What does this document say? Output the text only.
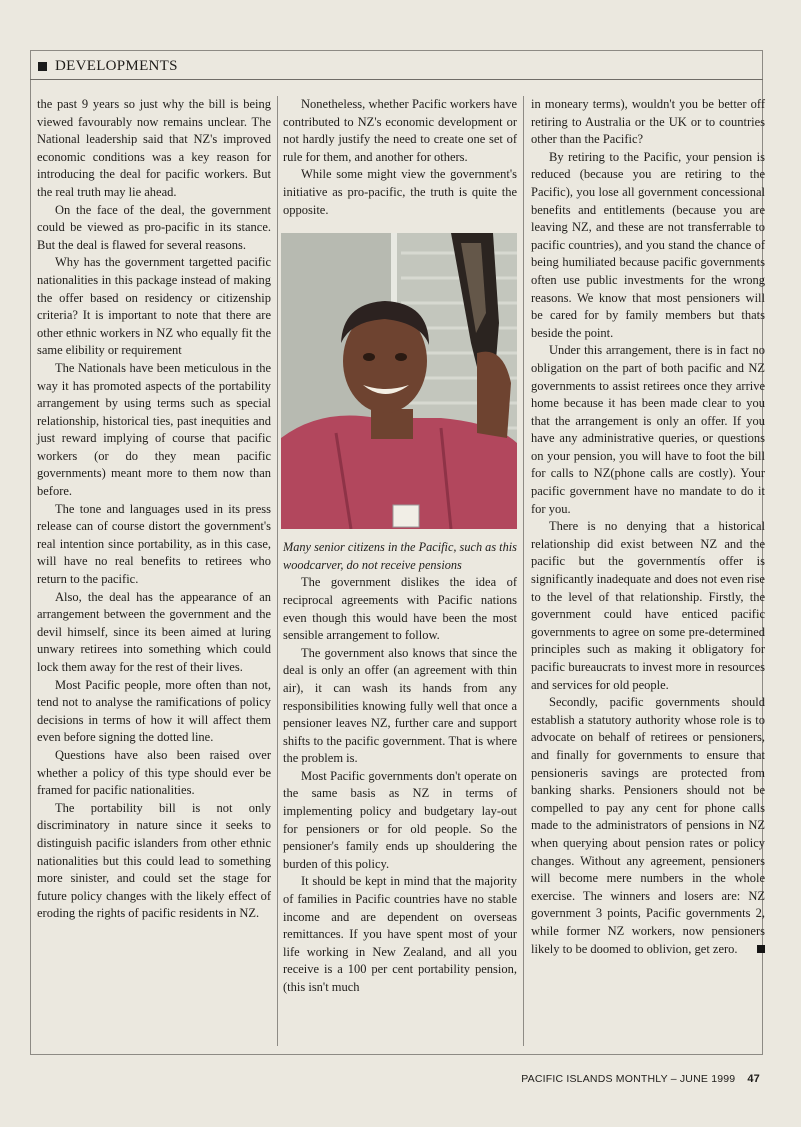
DEVELOPMENTS

the past 9 years so just why the bill is being viewed favourably now remains unclear. The National leadership said that NZ's improved economic conditions was a key reason for introducing the deal for pacific workers. But the real truth may lie ahead.

On the face of the deal, the government could be viewed as pro-pacific in its stance. But the deal is flawed for several reasons.

Why has the government targetted pacific nationalities in this package instead of making the offer based on residency or citizenship criteria? It is important to note that there are other ethnic workers in NZ who equally fit the same elibility or requirement

The Nationals have been meticulous in the way it has promoted aspects of the portability arrangement by using terms such as special relationship, historical ties, past inequities and just reward implying of course that pacific workers (or do they mean pacific governments) meant more to them now than before.

The tone and languages used in its press release can of course distort the government's real intention since portability, as in this case, will have no real benefits to retirees who return to the pacific.

Also, the deal has the appearance of an arrangement between the government and the devil himself, since its been aimed at luring unwary retirees into something which could lock them away for the rest of their lives.

Most Pacific people, more often than not, tend not to analyse the ramifications of policy decisions in terms of how it will affect them even before signing the dotted line.

Questions have also been raised over whether a policy of this type should ever be framed for pacific nationalities.

The portability bill is not only discriminatory in nature since it seeks to distinguish pacific islanders from other ethnic nationalities but this could lead to something more sinister, and could set the stage for future policy changes with the likely effect of eroding the rights of pacific residents in NZ.

Nonetheless, whether Pacific workers have contributed to NZ's economic development or not hardly justify the need to create one set of rule for them, and another for others.

While some might view the government's initiative as pro-pacific, the truth is quite the opposite.

Many senior citizens in the Pacific, such as this woodcarver, do not receive pensions

The government dislikes the idea of reciprocal agreements with Pacific nations even though this would have been the most sensible arrangement to follow.

The government also knows that since the deal is only an offer (an agreement with thin air), it can wash its hands from any responsibilities knowing fully well that once a pensioner leaves NZ, further care and support shifts to the pacific government. That is where the problem is.

Most Pacific governments don't operate on the same basis as NZ in terms of implementing policy and budgetary lay-out for pensioners or for old people. So the pensioner's family ends up shouldering the burden of this policy.

It should be kept in mind that the majority of families in Pacific countries have no stable income and are dependent on overseas remittances. If you have spent most of your life working in New Zealand, and all you receive is a 100 per cent portability pension, (this isn't much

in moneary terms), wouldn't you be better off retiring to Australia or the UK or to countries other than the Pacific?

By retiring to the Pacific, your pension is reduced (because you are retiring to the Pacific), you lose all government concessional benefits and entitlements (because you are leaving NZ, and these are not transferrable to pacific countries), and you stand the chance of being humiliated because pacific governments often use public investments for the wrong reasons. We know that most pensioners will be cared for by family members but thats beside the point.

Under this arrangement, there is in fact no obligation on the part of both pacific and NZ governments to assist retirees once they arrive home because it has been made clear to you that the arrangement is only an offer. If you have any administrative queries, or questions on your pension, you will have to foot the bill for calls to NZ(phone calls are costly). Your pacific government have no mandate to do it for you.

There is no denying that a historical relationship did exist between NZ and the pacific but the governmentís offer is significantly inadequate and does not even rise to the level of that relationship. Firstly, the government could have enticed pacific governments to agree on some pre-determined principles such as making it obligatory for pacific bureaucrats to invest more in resources and services for old people.

Secondly, pacific governments should establish a statutory authority whose role is to advocate on behalf of retirees or pensioners, and finally for governments to ensure that pensioneris savings are protected from banking sharks. Pensioners should not be compelled to pay any cent for phone calls made to the administrators of pensions in NZ when querying about pension rates or policy changes. Without any agreement, pensioners will become mere numbers in the whole exercise. The winners and losers are: NZ government 3 points, Pacific governments 2, while former NZ workers, now pensioners likely to be doomed to oblivion, get zero.

PACIFIC ISLANDS MONTHLY – JUNE 1999 47
